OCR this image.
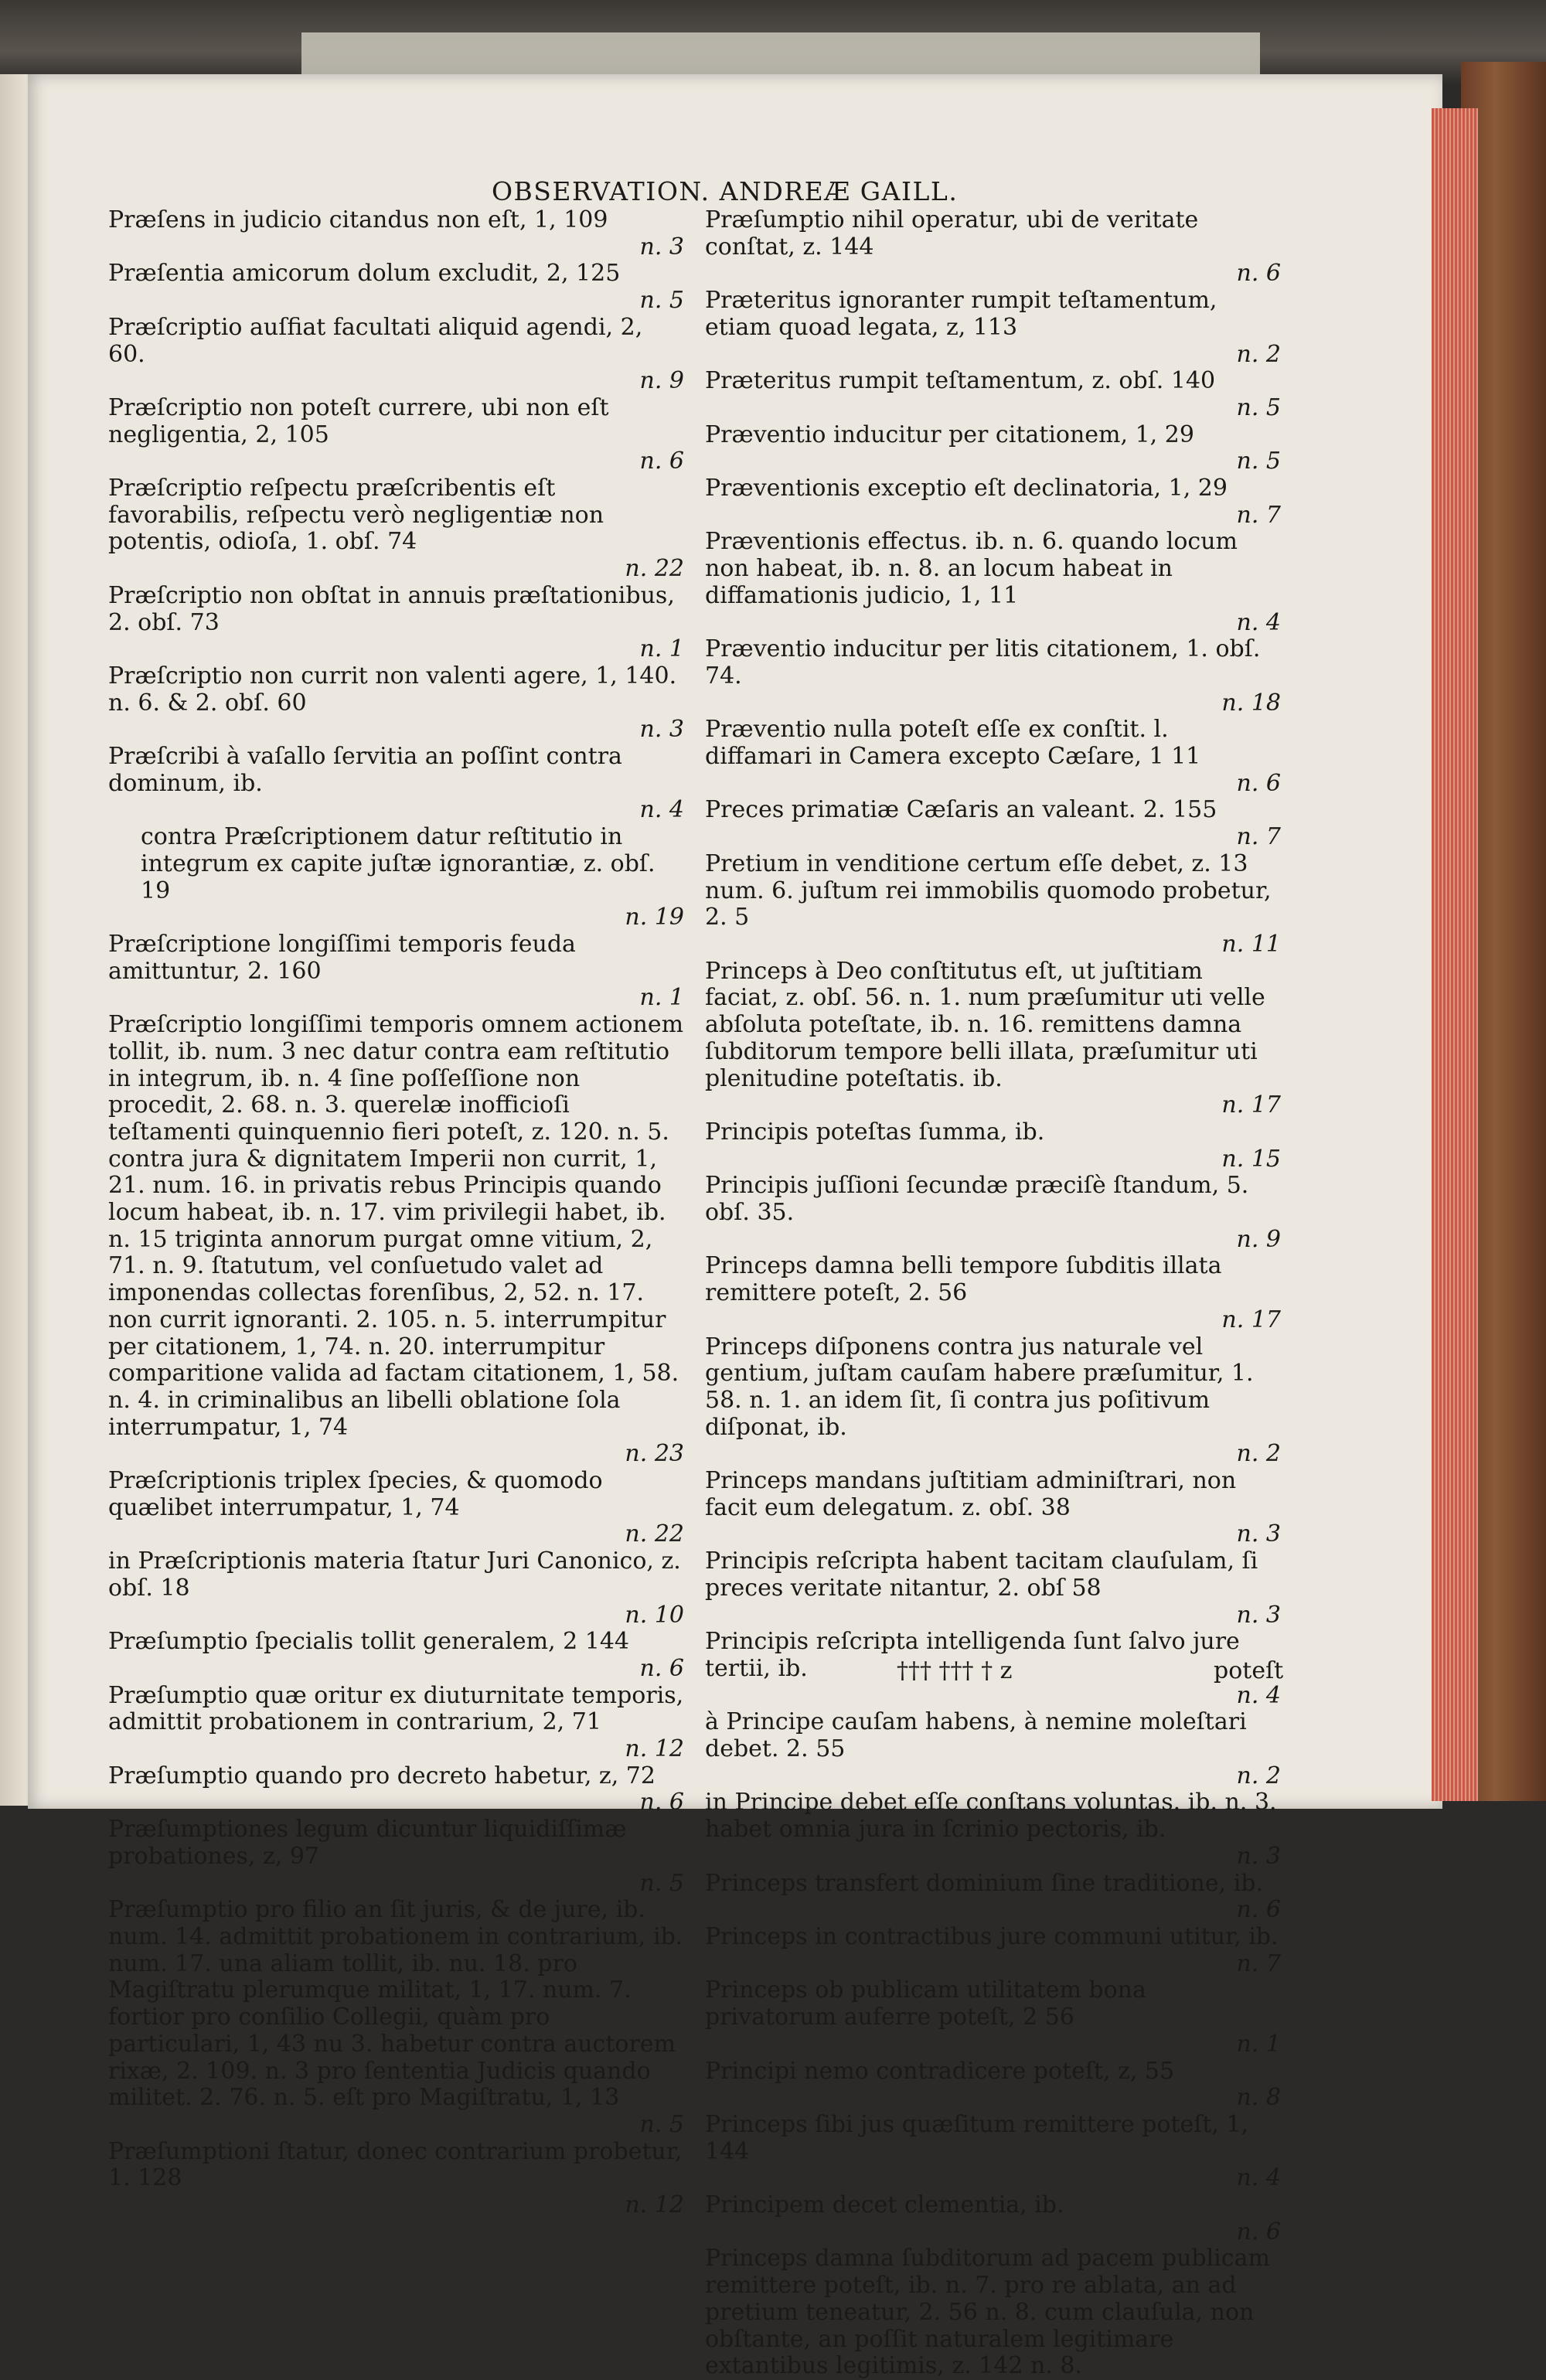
OBSERVATION. ANDREÆ GAILL.
Præſens in judicio citandus non eſt, 1, 109
n. 3
Præſentia amicorum dolum excludit, 2, 125
n. 5
Præſcriptio auſfiat facultati aliquid agendi, 2, 60.
n. 9
Præſcriptio non poteſt currere, ubi non eſt negligentia, 2, 105
n. 6
Præſcriptio reſpectu præſcribentis eſt favorabilis, reſpectu verò negligentiæ non potentis, odioſa, 1. obſ. 74
n. 22
Præſcriptio non obſtat in annuis præſtationibus, 2. obſ. 73
n. 1
Præſcriptio non currit non valenti agere, 1, 140. n. 6. & 2. obſ. 60
n. 3
Præſcribi à vaſallo ſervitia an poſſint contra dominum, ib.
n. 4
contra Præſcriptionem datur reſtitutio in integrum ex capite juſtæ ignorantiæ, z. obſ. 19
n. 19
Præſcriptione longiſſimi temporis feuda amittuntur, 2. 160
n. 1
Præſcriptio longiſſimi temporis omnem actionem tollit, ib. num. 3 nec datur contra eam reſtitutio in integrum, ib. n. 4 ſine poſſeſſione non procedit, 2. 68. n. 3. querelæ inofficioſi teſtamenti quinquennio fieri poteſt, z. 120. n. 5. contra jura & dignitatem Imperii non currit, 1, 21. num. 16. in privatis rebus Principis quando locum habeat, ib. n. 17. vim privilegii habet, ib. n. 15 triginta annorum purgat omne vitium, 2, 71. n. 9. ſtatutum, vel conſuetudo valet ad imponendas collectas forenſibus, 2, 52. n. 17. non currit ignoranti. 2. 105. n. 5. interrumpitur per citationem, 1, 74. n. 20. interrumpitur comparitione valida ad factam citationem, 1, 58. n. 4. in criminalibus an libelli oblatione ſola interrumpatur, 1, 74
n. 23
Præſcriptionis triplex ſpecies, & quomodo quælibet interrumpatur, 1, 74
n. 22
in Præſcriptionis materia ſtatur Juri Canonico, z. obſ. 18
n. 10
Præſumptio ſpecialis tollit generalem, 2 144
n. 6
Præſumptio quæ oritur ex diuturnitate temporis, admittit probationem in contrarium, 2, 71
n. 12
Præſumptio quando pro decreto habetur, z, 72
n. 6
Præſumptiones legum dicuntur liquidiſſimæ probationes, z, 97
n. 5
Præſumptio pro filio an ſit juris, & de jure, ib. num. 14. admittit probationem in contrarium, ib. num. 17. una aliam tollit, ib. nu. 18. pro Magiſtratu plerumque militat, 1, 17. num. 7. fortior pro conſilio Collegii, quàm pro particulari, 1, 43 nu 3. habetur contra auctorem rixæ, 2. 109. n. 3 pro ſententia Judicis quando militet. 2. 76. n. 5. eſt pro Magiſtratu, 1, 13
n. 5
Præſumptioni ſtatur, donec contrarium probetur, 1. 128
n. 12
Præſumptio nihil operatur, ubi de veritate conſtat, z. 144
n. 6
Præteritus ignoranter rumpit teſtamentum, etiam quoad legata, z, 113
n. 2
Præteritus rumpit teſtamentum, z. obſ. 140
n. 5
Præventio inducitur per citationem, 1, 29
n. 5
Præventionis exceptio eſt declinatoria, 1, 29
n. 7
Præventionis effectus. ib. n. 6. quando locum non habeat, ib. n. 8. an locum habeat in diffamationis judicio, 1, 11
n. 4
Præventio inducitur per litis citationem, 1. obſ. 74.
n. 18
Præventio nulla poteſt eſſe ex conſtit. l. diffamari in Camera excepto Cæſare, 1 11
n. 6
Preces primatiæ Cæſaris an valeant. 2. 155
n. 7
Pretium in venditione certum eſſe debet, z. 13 num. 6. juſtum rei immobilis quomodo probetur, 2. 5
n. 11
Princeps à Deo conſtitutus eſt, ut juſtitiam faciat, z. obſ. 56. n. 1. num præſumitur uti velle abſoluta poteſtate, ib. n. 16. remittens damna ſubditorum tempore belli illata, præſumitur uti plenitudine poteſtatis. ib.
n. 17
Principis poteſtas ſumma, ib.
n. 15
Principis juſſioni ſecundæ præciſè ſtandum, 5. obſ. 35.
n. 9
Princeps damna belli tempore ſubditis illata remittere poteſt, 2. 56
n. 17
Princeps diſponens contra jus naturale vel gentium, juſtam cauſam habere præſumitur, 1. 58. n. 1. an idem ſit, ſi contra jus poſitivum diſponat, ib.
n. 2
Princeps mandans juſtitiam adminiſtrari, non facit eum delegatum. z. obſ. 38
n. 3
Principis reſcripta habent tacitam clauſulam, ſi preces veritate nitantur, 2. obſ 58
n. 3
Principis reſcripta intelligenda ſunt ſalvo jure tertii, ib.
n. 4
à Principe cauſam habens, à nemine moleſtari debet. 2. 55
n. 2
in Principe debet eſſe conſtans voluntas. ib. n. 3. habet omnia jura in ſcrinio pectoris, ib.
n. 3
Princeps transfert dominium ſine traditione, ib.
n. 6
Princeps in contractibus jure communi utitur, ib.
n. 7
Princeps ob publicam utilitatem bona privatorum auferre poteſt, 2 56
n. 1
Principi nemo contradicere poteſt, z, 55
n. 8
Princeps ſibi jus quæſitum remittere poteſt, 1, 144
n. 4
Principem decet clementia, ib.
n. 6
Princeps damna ſubditorum ad pacem publicam remittere poteſt, ib. n. 7. pro re ablata, an ad pretium teneatur, 2. 56 n. 8. cum clauſula, non obſtante, an poſſit naturalem legitimare extantibus legitimis, z. 142 n. 8.
††† ††† † z	poteſt
